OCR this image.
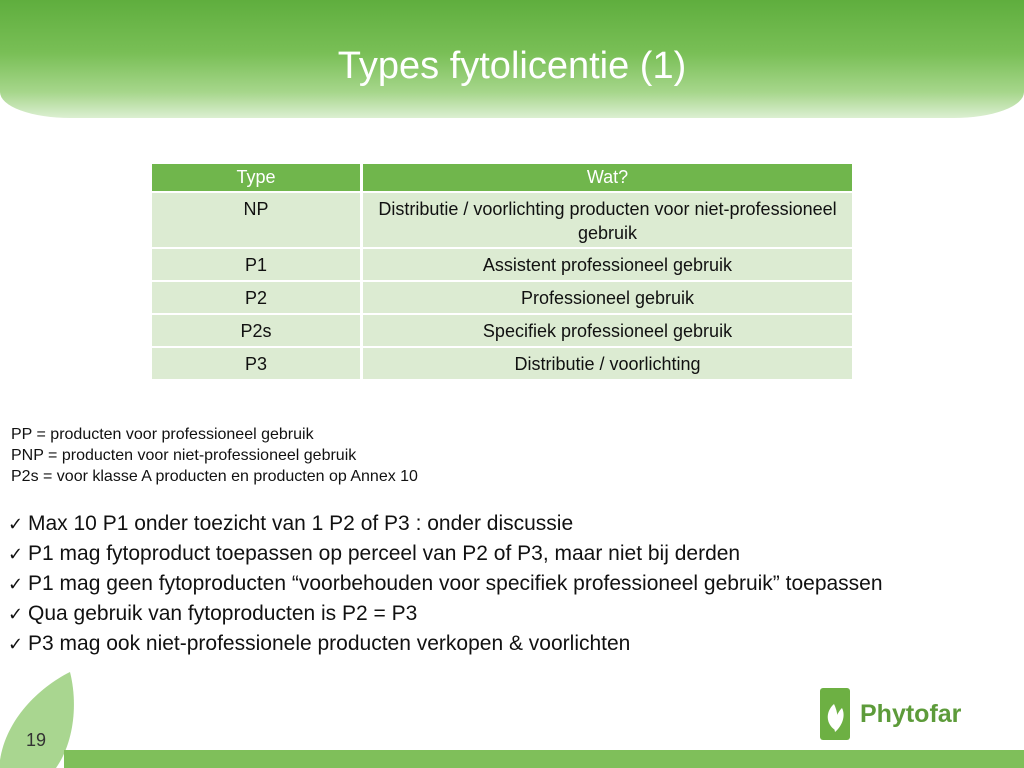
Types fytolicentie (1)
Type	Wat?
NP	Distributie / voorlichting producten voor niet-professioneel gebruik
P1	Assistent professioneel gebruik
P2	Professioneel gebruik
P2s	Specifiek professioneel gebruik
P3	Distributie / voorlichting
PP = producten voor professioneel gebruik
PNP = producten voor niet-professioneel gebruik
P2s = voor klasse A producten en producten op Annex 10
✓ Max 10 P1 onder toezicht van 1 P2 of P3 : onder discussie
✓ P1 mag fytoproduct toepassen op perceel van P2 of P3, maar niet bij derden
✓ P1 mag geen fytoproducten “voorbehouden voor specifiek professioneel gebruik” toepassen
✓ Qua gebruik van fytoproducten is P2 = P3
✓ P3 mag ook niet-professionele producten verkopen & voorlichten
19
Phytofar
